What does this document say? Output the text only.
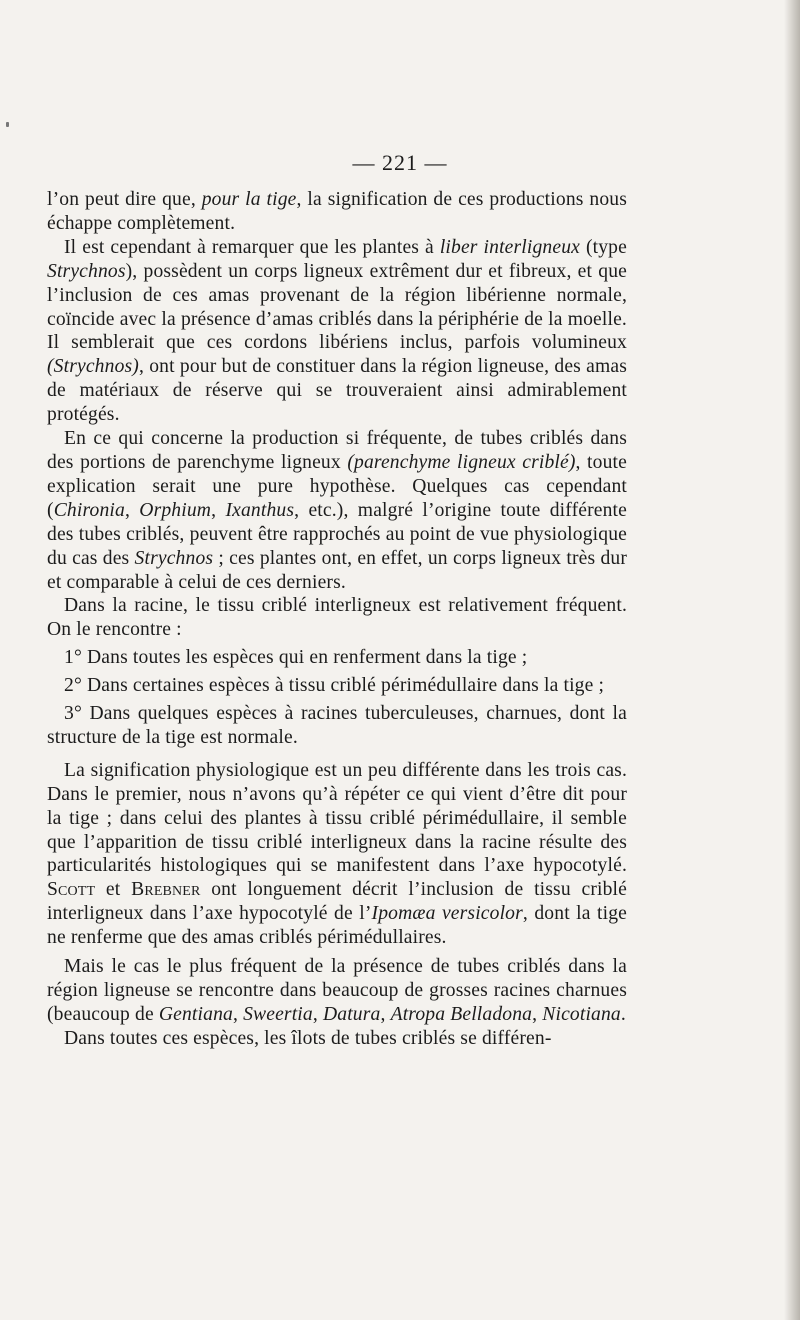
— 221 —

l’on peut dire que, pour la tige, la signification de ces productions nous échappe complètement.

Il est cependant à remarquer que les plantes à liber interligneux (type Strychnos), possèdent un corps ligneux extrêment dur et fibreux, et que l’inclusion de ces amas provenant de la région libérienne normale, coïncide avec la présence d’amas criblés dans la périphérie de la moelle. Il semblerait que ces cordons libériens inclus, parfois volumineux (Strychnos), ont pour but de constituer dans la région ligneuse, des amas de matériaux de réserve qui se trouveraient ainsi admirablement protégés.

En ce qui concerne la production si fréquente, de tubes criblés dans des portions de parenchyme ligneux (parenchyme ligneux criblé), toute explication serait une pure hypothèse. Quelques cas cependant (Chironia, Orphium, Ixanthus, etc.), malgré l’origine toute différente des tubes criblés, peuvent être rapprochés au point de vue physiologique du cas des Strychnos ; ces plantes ont, en effet, un corps ligneux très dur et comparable à celui de ces derniers.

Dans la racine, le tissu criblé interligneux est relativement fréquent. On le rencontre :

1° Dans toutes les espèces qui en renferment dans la tige ;

2° Dans certaines espèces à tissu criblé périmédullaire dans la tige ;

3° Dans quelques espèces à racines tuberculeuses, charnues, dont la structure de la tige est normale.

La signification physiologique est un peu différente dans les trois cas. Dans le premier, nous n’avons qu’à répéter ce qui vient d’être dit pour la tige ; dans celui des plantes à tissu criblé périmédullaire, il semble que l’apparition de tissu criblé interligneux dans la racine résulte des particularités histologiques qui se manifestent dans l’axe hypocotylé. Scott et Brebner ont longuement décrit l’inclusion de tissu criblé interligneux dans l’axe hypocotylé de l’Ipomæa versicolor, dont la tige ne renferme que des amas criblés périmédullaires.

Mais le cas le plus fréquent de la présence de tubes criblés dans la région ligneuse se rencontre dans beaucoup de grosses racines charnues (beaucoup de Gentiana, Sweertia, Datura, Atropa Belladona, Nicotiana.

Dans toutes ces espèces, les îlots de tubes criblés se différen-
